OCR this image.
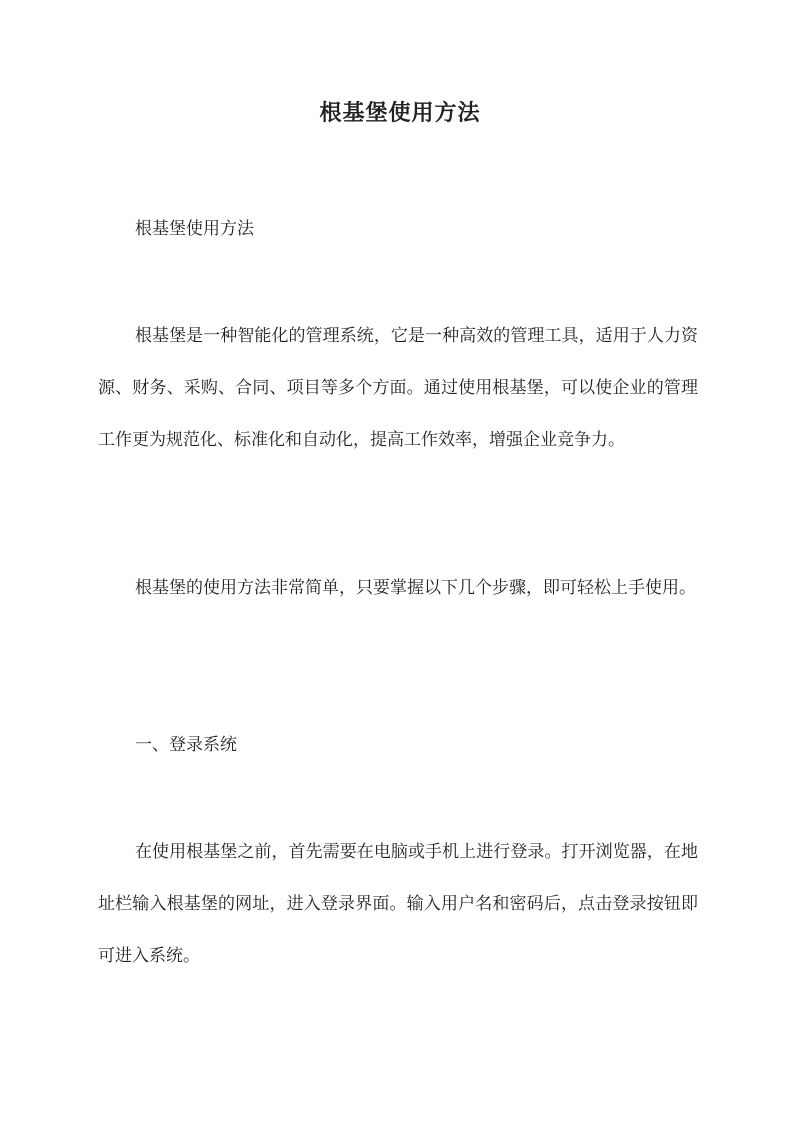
根基堡使用方法

根基堡使用方法

根基堡是一种智能化的管理系统，它是一种高效的管理工具，适用于人力资源、财务、采购、合同、项目等多个方面。通过使用根基堡，可以使企业的管理工作更为规范化、标准化和自动化，提高工作效率，增强企业竞争力。

根基堡的使用方法非常简单，只要掌握以下几个步骤，即可轻松上手使用。

一、登录系统

在使用根基堡之前，首先需要在电脑或手机上进行登录。打开浏览器，在地址栏输入根基堡的网址，进入登录界面。输入用户名和密码后，点击登录按钮即可进入系统。
